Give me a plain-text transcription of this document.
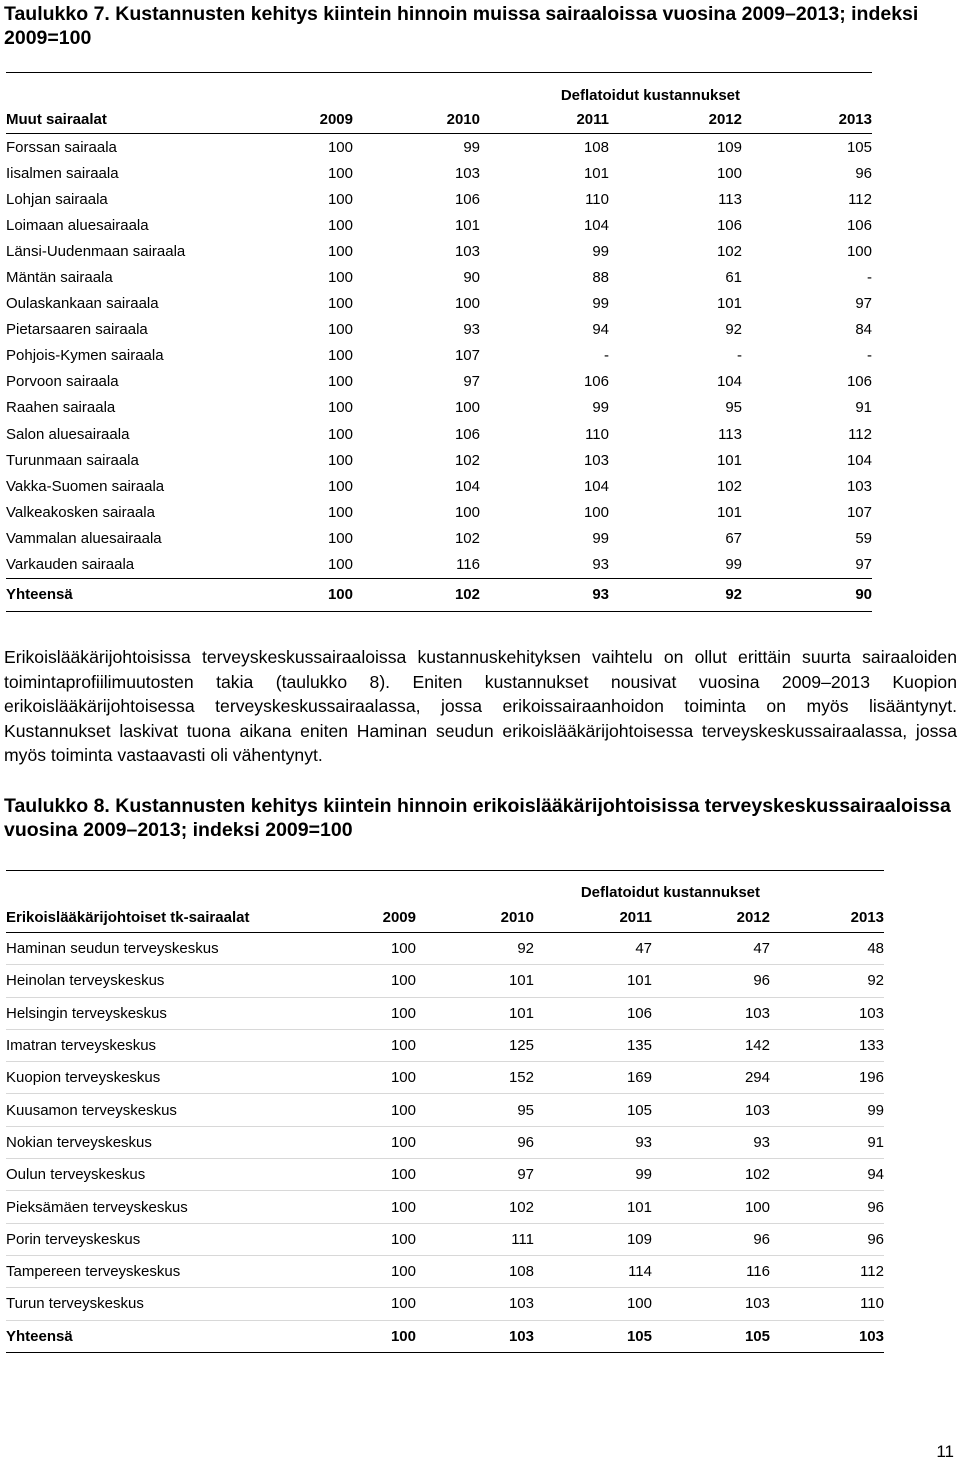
Taulukko 7. Kustannusten kehitys kiintein hinnoin muissa sairaaloissa vuosina 2009–2013; indeksi 2009=100
			Deflatoidut kustannukset		
Muut sairaalat	2009	2010	2011	2012	2013
Forssan sairaala	100	99	108	109	105
Iisalmen sairaala	100	103	101	100	96
Lohjan sairaala	100	106	110	113	112
Loimaan aluesairaala	100	101	104	106	106
Länsi-Uudenmaan sairaala	100	103	99	102	100
Mäntän sairaala	100	90	88	61	-
Oulaskankaan sairaala	100	100	99	101	97
Pietarsaaren sairaala	100	93	94	92	84
Pohjois-Kymen sairaala	100	107	-	-	-
Porvoon sairaala	100	97	106	104	106
Raahen sairaala	100	100	99	95	91
Salon aluesairaala	100	106	110	113	112
Turunmaan sairaala	100	102	103	101	104
Vakka-Suomen sairaala	100	104	104	102	103
Valkeakosken sairaala	100	100	100	101	107
Vammalan aluesairaala	100	102	99	67	59
Varkauden sairaala	100	116	93	99	97
Yhteensä	100	102	93	92	90

Erikoislääkärijohtoisissa terveyskeskussairaaloissa kustannuskehityksen vaihtelu on ollut erittäin suurta sairaaloiden toimintaprofiilimuutosten takia (taulukko 8). Eniten kustannukset nousivat vuosina 2009–2013 Kuopion erikoislääkärijohtoisessa terveyskeskussairaalassa, jossa erikoissairaanhoidon toiminta on myös lisääntynyt. Kustannukset laskivat tuona aikana eniten Haminan seudun erikoislääkärijohtoisessa terveyskeskussairaalassa, jossa myös toiminta vastaavasti oli vähentynyt.

Taulukko 8. Kustannusten kehitys kiintein hinnoin erikoislääkärijohtoisissa terveyskeskussairaaloissa vuosina 2009–2013; indeksi 2009=100
			Deflatoidut kustannukset		
Erikoislääkärijohtoiset tk-sairaalat	2009	2010	2011	2012	2013
Haminan seudun terveyskeskus	100	92	47	47	48
Heinolan terveyskeskus	100	101	101	96	92
Helsingin terveyskeskus	100	101	106	103	103
Imatran terveyskeskus	100	125	135	142	133
Kuopion terveyskeskus	100	152	169	294	196
Kuusamon terveyskeskus	100	95	105	103	99
Nokian terveyskeskus	100	96	93	93	91
Oulun terveyskeskus	100	97	99	102	94
Pieksämäen terveyskeskus	100	102	101	100	96
Porin terveyskeskus	100	111	109	96	96
Tampereen terveyskeskus	100	108	114	116	112
Turun terveyskeskus	100	103	100	103	110
Yhteensä	100	103	105	105	103
11
